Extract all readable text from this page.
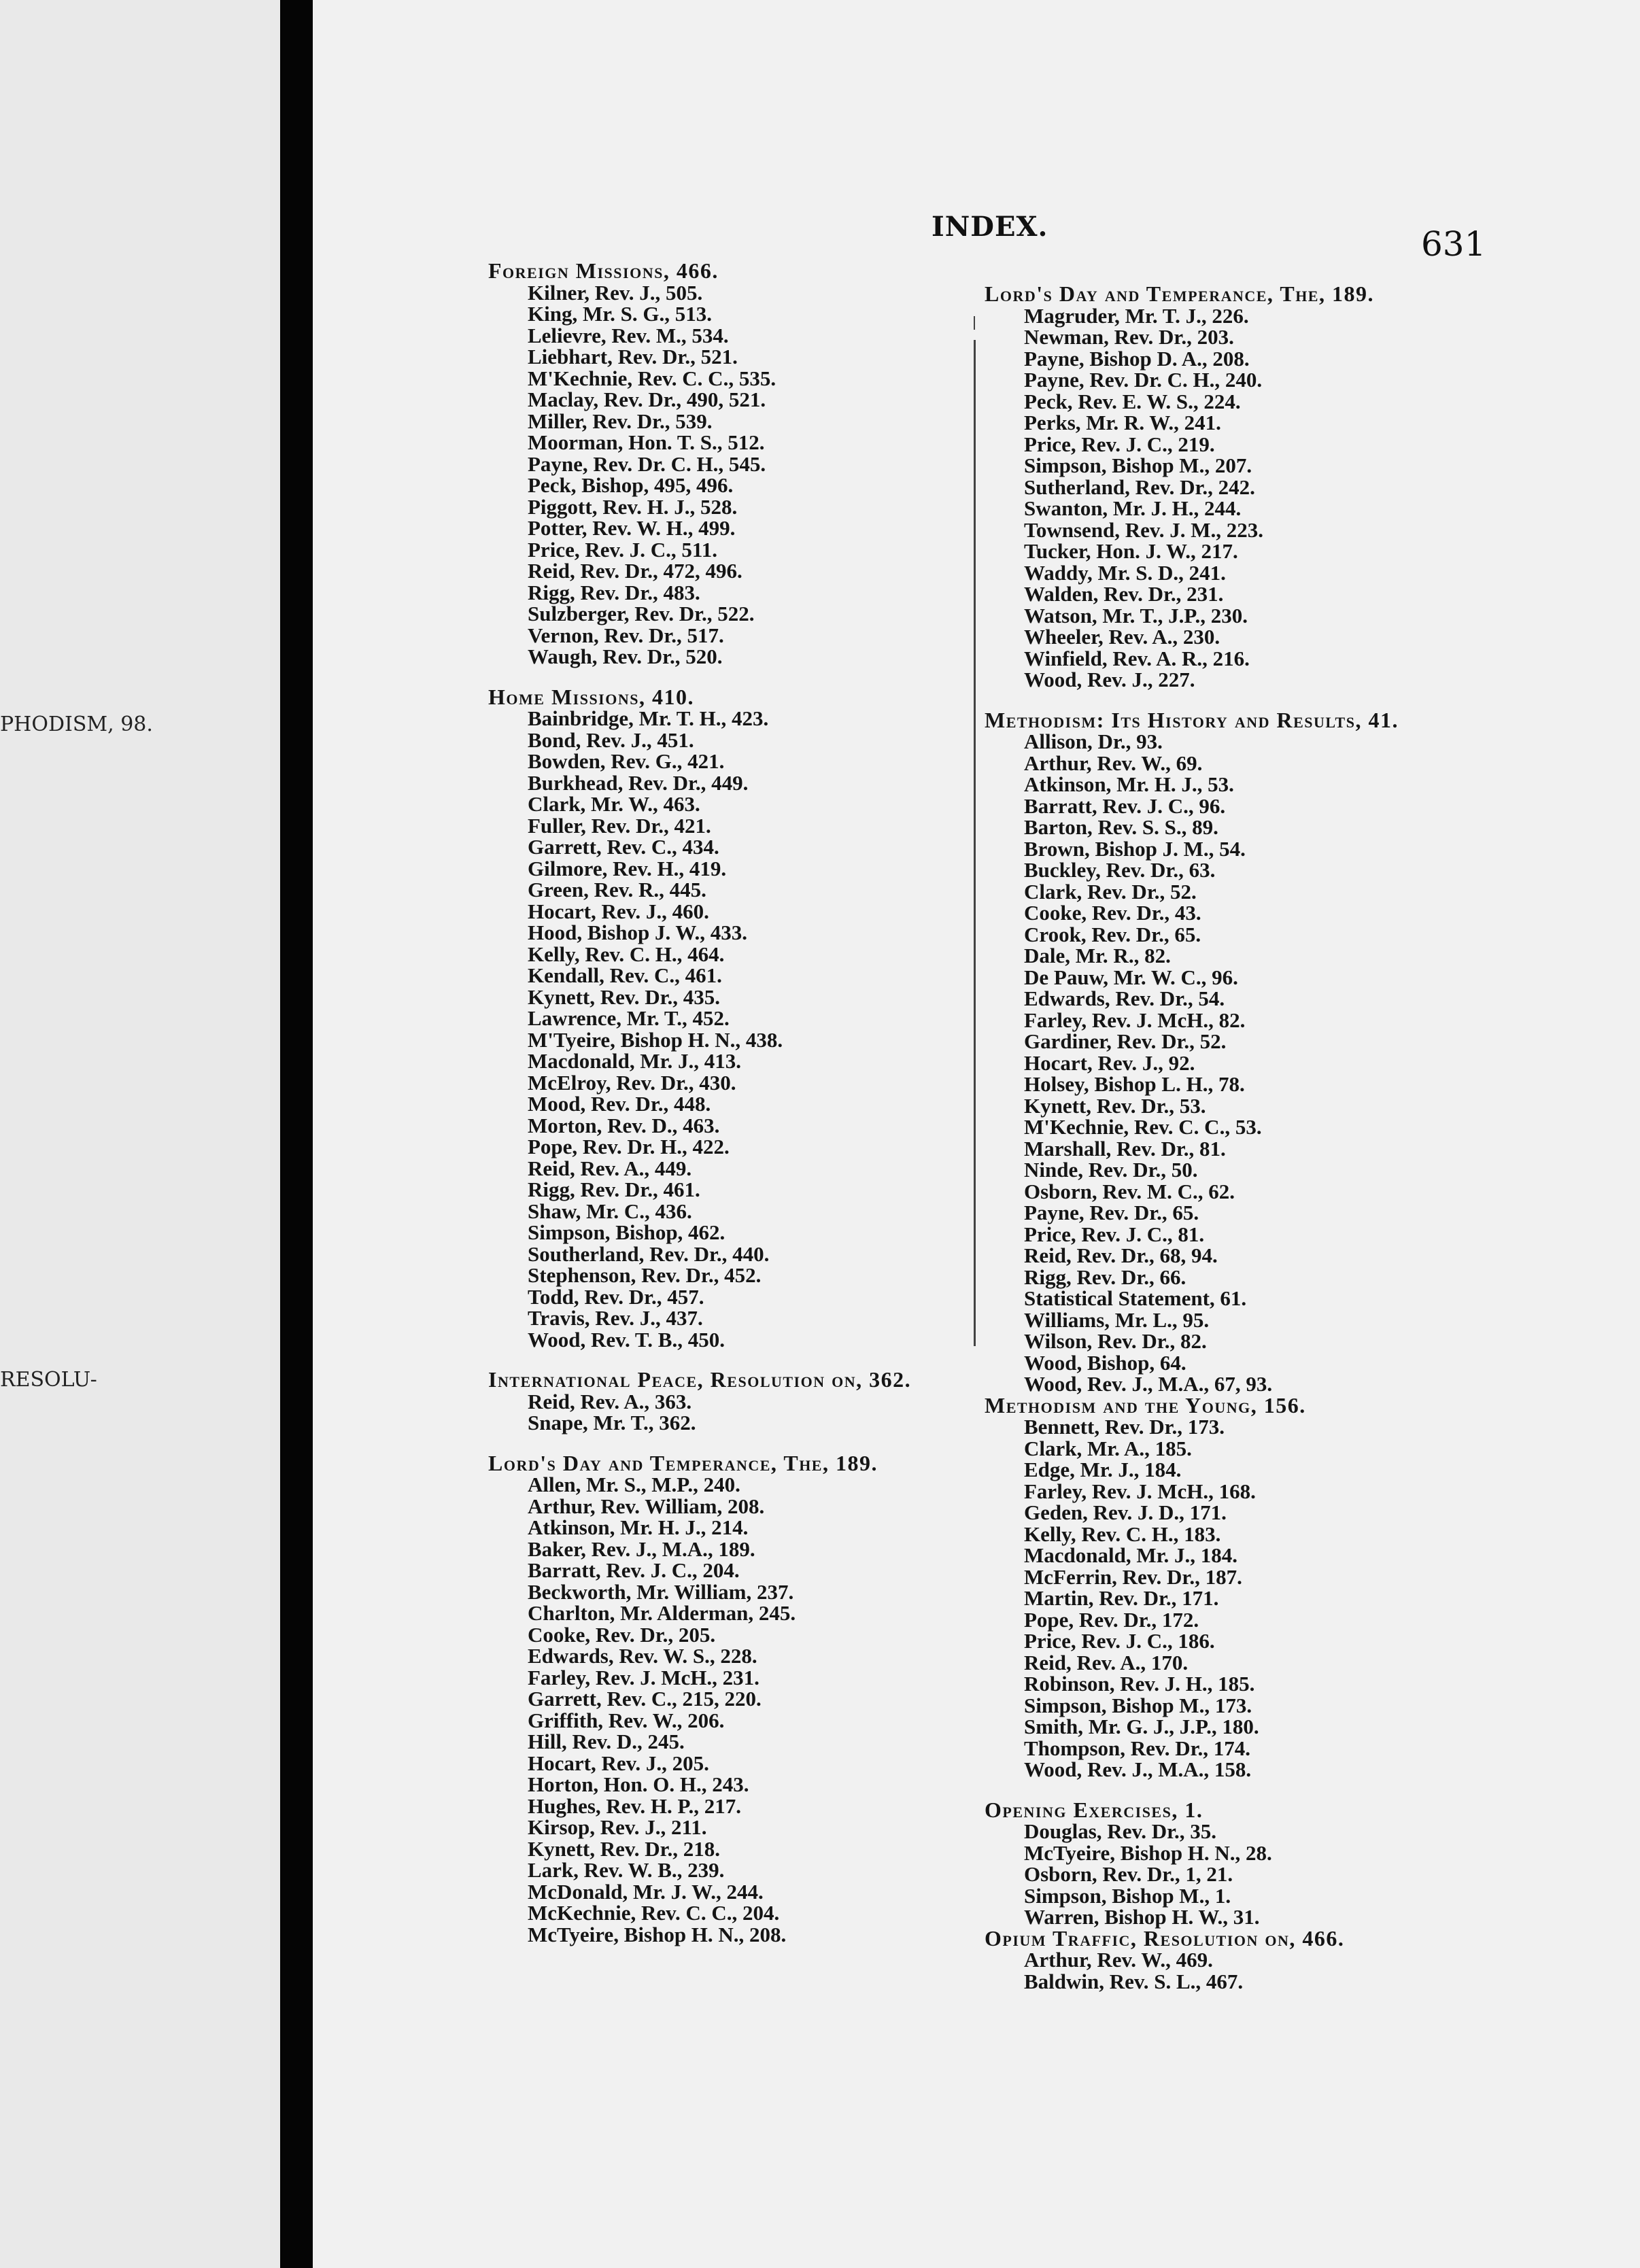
PHODISM, 98.
RESOLU-
INDEX.	631
Foreign Missions, 466.
Kilner, Rev. J., 505.
King, Mr. S. G., 513.
Lelievre, Rev. M., 534.
Liebhart, Rev. Dr., 521.
M'Kechnie, Rev. C. C., 535.
Maclay, Rev. Dr., 490, 521.
Miller, Rev. Dr., 539.
Moorman, Hon. T. S., 512.
Payne, Rev. Dr. C. H., 545.
Peck, Bishop, 495, 496.
Piggott, Rev. H. J., 528.
Potter, Rev. W. H., 499.
Price, Rev. J. C., 511.
Reid, Rev. Dr., 472, 496.
Rigg, Rev. Dr., 483.
Sulzberger, Rev. Dr., 522.
Vernon, Rev. Dr., 517.
Waugh, Rev. Dr., 520.
Home Missions, 410.
Bainbridge, Mr. T. H., 423.
Bond, Rev. J., 451.
Bowden, Rev. G., 421.
Burkhead, Rev. Dr., 449.
Clark, Mr. W., 463.
Fuller, Rev. Dr., 421.
Garrett, Rev. C., 434.
Gilmore, Rev. H., 419.
Green, Rev. R., 445.
Hocart, Rev. J., 460.
Hood, Bishop J. W., 433.
Kelly, Rev. C. H., 464.
Kendall, Rev. C., 461.
Kynett, Rev. Dr., 435.
Lawrence, Mr. T., 452.
M'Tyeire, Bishop H. N., 438.
Macdonald, Mr. J., 413.
McElroy, Rev. Dr., 430.
Mood, Rev. Dr., 448.
Morton, Rev. D., 463.
Pope, Rev. Dr. H., 422.
Reid, Rev. A., 449.
Rigg, Rev. Dr., 461.
Shaw, Mr. C., 436.
Simpson, Bishop, 462.
Southerland, Rev. Dr., 440.
Stephenson, Rev. Dr., 452.
Todd, Rev. Dr., 457.
Travis, Rev. J., 437.
Wood, Rev. T. B., 450.
International Peace, Resolution on, 362.
Reid, Rev. A., 363.
Snape, Mr. T., 362.
Lord's Day and Temperance, The, 189.
Allen, Mr. S., M.P., 240.
Arthur, Rev. William, 208.
Atkinson, Mr. H. J., 214.
Baker, Rev. J., M.A., 189.
Barratt, Rev. J. C., 204.
Beckworth, Mr. William, 237.
Charlton, Mr. Alderman, 245.
Cooke, Rev. Dr., 205.
Edwards, Rev. W. S., 228.
Farley, Rev. J. McH., 231.
Garrett, Rev. C., 215, 220.
Griffith, Rev. W., 206.
Hill, Rev. D., 245.
Hocart, Rev. J., 205.
Horton, Hon. O. H., 243.
Hughes, Rev. H. P., 217.
Kirsop, Rev. J., 211.
Kynett, Rev. Dr., 218.
Lark, Rev. W. B., 239.
McDonald, Mr. J. W., 244.
McKechnie, Rev. C. C., 204.
McTyeire, Bishop H. N., 208.
Lord's Day and Temperance, The, 189.
Magruder, Mr. T. J., 226.
Newman, Rev. Dr., 203.
Payne, Bishop D. A., 208.
Payne, Rev. Dr. C. H., 240.
Peck, Rev. E. W. S., 224.
Perks, Mr. R. W., 241.
Price, Rev. J. C., 219.
Simpson, Bishop M., 207.
Sutherland, Rev. Dr., 242.
Swanton, Mr. J. H., 244.
Townsend, Rev. J. M., 223.
Tucker, Hon. J. W., 217.
Waddy, Mr. S. D., 241.
Walden, Rev. Dr., 231.
Watson, Mr. T., J.P., 230.
Wheeler, Rev. A., 230.
Winfield, Rev. A. R., 216.
Wood, Rev. J., 227.
Methodism: Its History and Results, 41.
Allison, Dr., 93.
Arthur, Rev. W., 69.
Atkinson, Mr. H. J., 53.
Barratt, Rev. J. C., 96.
Barton, Rev. S. S., 89.
Brown, Bishop J. M., 54.
Buckley, Rev. Dr., 63.
Clark, Rev. Dr., 52.
Cooke, Rev. Dr., 43.
Crook, Rev. Dr., 65.
Dale, Mr. R., 82.
De Pauw, Mr. W. C., 96.
Edwards, Rev. Dr., 54.
Farley, Rev. J. McH., 82.
Gardiner, Rev. Dr., 52.
Hocart, Rev. J., 92.
Holsey, Bishop L. H., 78.
Kynett, Rev. Dr., 53.
M'Kechnie, Rev. C. C., 53.
Marshall, Rev. Dr., 81.
Ninde, Rev. Dr., 50.
Osborn, Rev. M. C., 62.
Payne, Rev. Dr., 65.
Price, Rev. J. C., 81.
Reid, Rev. Dr., 68, 94.
Rigg, Rev. Dr., 66.
Statistical Statement, 61.
Williams, Mr. L., 95.
Wilson, Rev. Dr., 82.
Wood, Bishop, 64.
Wood, Rev. J., M.A., 67, 93.
Methodism and the Young, 156.
Bennett, Rev. Dr., 173.
Clark, Mr. A., 185.
Edge, Mr. J., 184.
Farley, Rev. J. McH., 168.
Geden, Rev. J. D., 171.
Kelly, Rev. C. H., 183.
Macdonald, Mr. J., 184.
McFerrin, Rev. Dr., 187.
Martin, Rev. Dr., 171.
Pope, Rev. Dr., 172.
Price, Rev. J. C., 186.
Reid, Rev. A., 170.
Robinson, Rev. J. H., 185.
Simpson, Bishop M., 173.
Smith, Mr. G. J., J.P., 180.
Thompson, Rev. Dr., 174.
Wood, Rev. J., M.A., 158.
Opening Exercises, 1.
Douglas, Rev. Dr., 35.
McTyeire, Bishop H. N., 28.
Osborn, Rev. Dr., 1, 21.
Simpson, Bishop M., 1.
Warren, Bishop H. W., 31.
Opium Traffic, Resolution on, 466.
Arthur, Rev. W., 469.
Baldwin, Rev. S. L., 467.
